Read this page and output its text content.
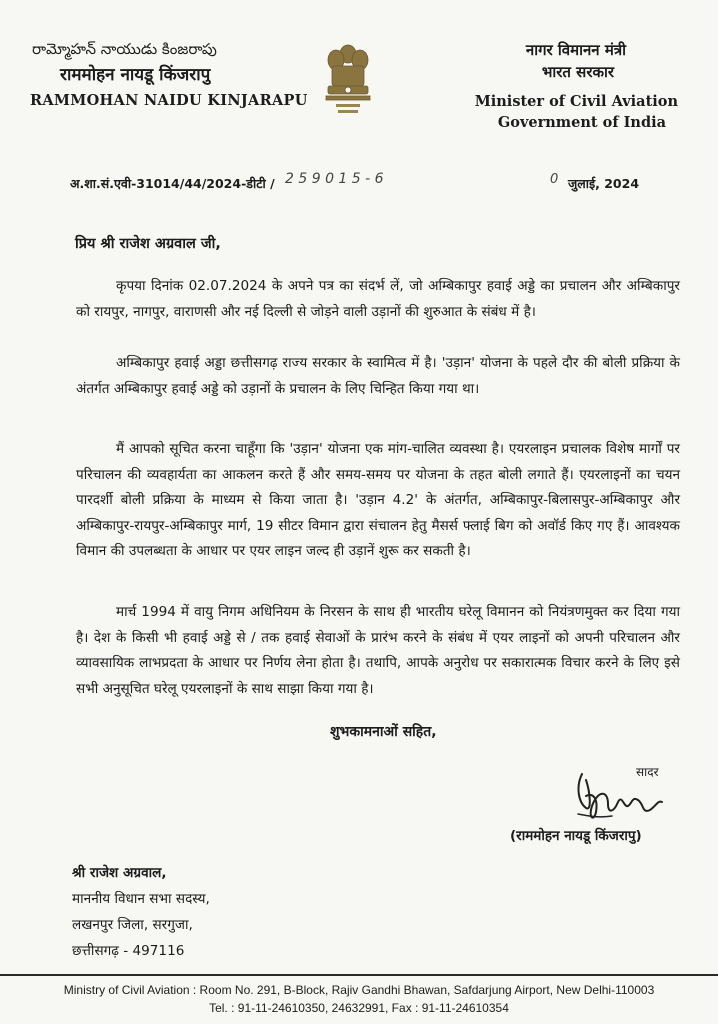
రామ్మోహన్ నాయుడు కింజరాపు
राममोहन नायडू किंजरापु
RAMMOHAN NAIDU KINJARAPU
नागर विमानन मंत्री
भारत सरकार
Minister of Civil Aviation
Government of India
अ.शा.सं.एवी-31014/44/2024-डीटी / 2 5 9 0 1 5 - 6	0 जुलाई, 2024
प्रिय श्री राजेश अग्रवाल जी,
कृपया दिनांक 02.07.2024 के अपने पत्र का संदर्भ लें, जो अम्बिकापुर हवाई अड्डे का प्रचालन और अम्बिकापुर को रायपुर, नागपुर, वाराणसी और नई दिल्ली से जोड़ने वाली उड़ानों की शुरुआत के संबंध में है।
अम्बिकापुर हवाई अड्डा छत्तीसगढ़ राज्य सरकार के स्वामित्व में है। 'उड़ान' योजना के पहले दौर की बोली प्रक्रिया के अंतर्गत अम्बिकापुर हवाई अड्डे को उड़ानों के प्रचालन के लिए चिन्हित किया गया था।
मैं आपको सूचित करना चाहूँगा कि 'उड़ान' योजना एक मांग-चालित व्यवस्था है। एयरलाइन प्रचालक विशेष मार्गों पर परिचालन की व्यवहार्यता का आकलन करते हैं और समय-समय पर योजना के तहत बोली लगाते हैं। एयरलाइनों का चयन पारदर्शी बोली प्रक्रिया के माध्यम से किया जाता है। 'उड़ान 4.2' के अंतर्गत, अम्बिकापुर-बिलासपुर-अम्बिकापुर और अम्बिकापुर-रायपुर-अम्बिकापुर मार्ग, 19 सीटर विमान द्वारा संचालन हेतु मैसर्स फ्लाई बिग को अवॉर्ड किए गए हैं। आवश्यक विमान की उपलब्धता के आधार पर एयर लाइन जल्द ही उड़ानें शुरू कर सकती है।
मार्च 1994 में वायु निगम अधिनियम के निरसन के साथ ही भारतीय घरेलू विमानन को नियंत्रणमुक्त कर दिया गया है। देश के किसी भी हवाई अड्डे से / तक हवाई सेवाओं के प्रारंभ करने के संबंध में एयर लाइनों को अपनी परिचालन और व्यावसायिक लाभप्रदता के आधार पर निर्णय लेना होता है। तथापि, आपके अनुरोध पर सकारात्मक विचार करने के लिए इसे सभी अनुसूचित घरेलू एयरलाइनों के साथ साझा किया गया है।
शुभकामनाओं सहित,
सादर
(राममोहन नायडू किंजरापु)
श्री राजेश अग्रवाल,
माननीय विधान सभा सदस्य,
लखनपुर जिला, सरगुजा,
छत्तीसगढ़ - 497116
Ministry of Civil Aviation : Room No. 291, B-Block, Rajiv Gandhi Bhawan, Safdarjung Airport, New Delhi-110003
Tel. : 91-11-24610350, 24632991, Fax : 91-11-24610354
